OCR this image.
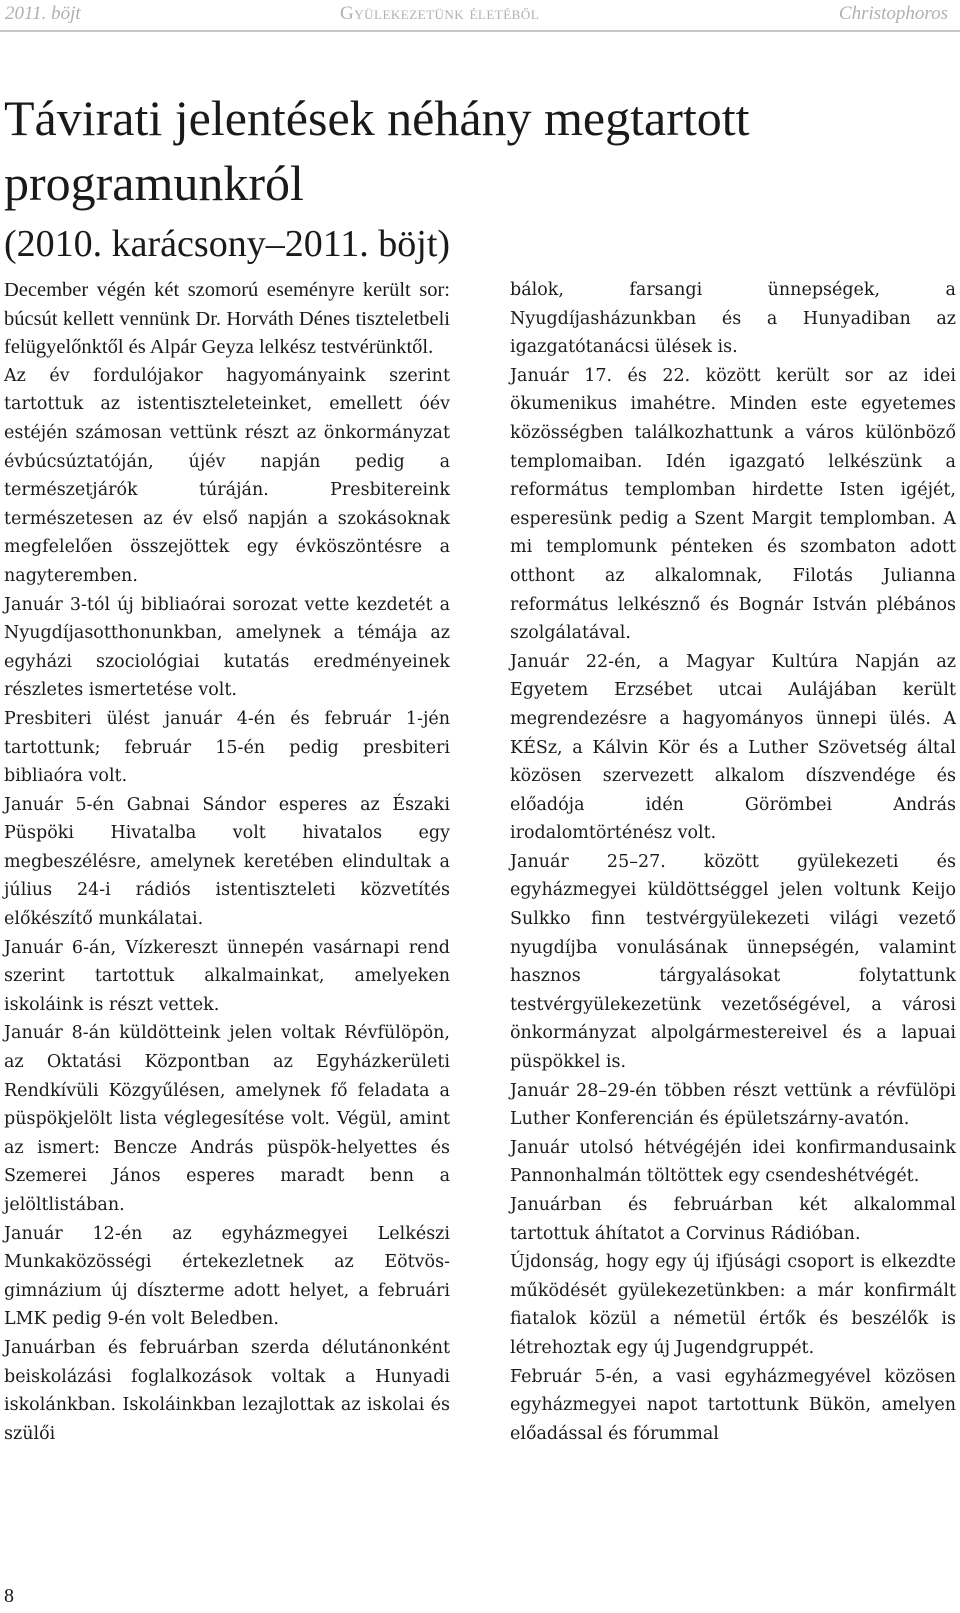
2011. böjt	Gyülekezetünk életéből	Christophoros
Távirati jelentések néhány megtartott programunkról
(2010. karácsony–2011. böjt)

December végén két szomorú eseményre került sor: búcsút kellett vennünk Dr. Horváth Dénes tiszteletbeli felügyelőnktől és Alpár Geyza lelkész testvérünktől.

Az év fordulójakor hagyományaink szerint tartottuk az istentiszteleteinket, emellett óév estéjén számosan vettünk részt az önkormányzat évbúcsúztatóján, újév napján pedig a természetjárók túráján. Presbitereink természetesen az év első napján a szokásoknak megfelelően összejöttek egy évköszöntésre a nagyteremben.

Január 3-tól új bibliaórai sorozat vette kezdetét a Nyugdíjasotthonunkban, amelynek a témája az egyházi szociológiai kutatás eredményeinek részletes ismertetése volt.

Presbiteri ülést január 4-én és február 1-jén tartottunk; február 15-én pedig presbiteri bibliaóra volt.

Január 5-én Gabnai Sándor esperes az Északi Püspöki Hivatalba volt hivatalos egy megbeszélésre, amelynek keretében elindultak a július 24-i rádiós istentiszteleti közvetítés előkészítő munkálatai.

Január 6-án, Vízkereszt ünnepén vasárnapi rend szerint tartottuk alkalmainkat, amelyeken iskoláink is részt vettek.

Január 8-án küldötteink jelen voltak Révfülöpön, az Oktatási Központban az Egyházkerületi Rendkívüli Közgyűlésen, amelynek fő feladata a püspökjelölt lista véglegesítése volt. Végül, amint az ismert: Bencze András püspök-helyettes és Szemerei János esperes maradt benn a jelöltlistában.

Január 12-én az egyházmegyei Lelkészi Munkaközösségi értekezletnek az Eötvösgimnázium új díszterme adott helyet, a februári LMK pedig 9-én volt Beledben.

Januárban és februárban szerda délutánonként beiskolázási foglalkozások voltak a Hunyadi iskolánkban. Iskoláinkban lezajlottak az iskolai és szülői

bálok, farsangi ünnepségek, a Nyugdíjasházunkban és a Hunyadiban az igazgatótanácsi ülések is.

Január 17. és 22. között került sor az idei ökumenikus imahétre. Minden este egyetemes közösségben találkozhattunk a város különböző templomaiban. Idén igazgató lelkészünk a református templomban hirdette Isten igéjét, esperesünk pedig a Szent Margit templomban. A mi templomunk pénteken és szombaton adott otthont az alkalomnak, Filotás Julianna református lelkésznő és Bognár István plébános szolgálatával.

Január 22-én, a Magyar Kultúra Napján az Egyetem Erzsébet utcai Aulájában került megrendezésre a hagyományos ünnepi ülés. A KÉSz, a Kálvin Kör és a Luther Szövetség által közösen szervezett alkalom díszvendége és előadója idén Görömbei András irodalomtörténész volt.

Január 25–27. között gyülekezeti és egyházmegyei küldöttséggel jelen voltunk Keijo Sulkko finn testvérgyülekezeti világi vezető nyugdíjba vonulásának ünnepségén, valamint hasznos tárgyalásokat folytattunk testvérgyülekezetünk vezetőségével, a városi önkormányzat alpolgármestereivel és a lapuai püspökkel is.

Január 28–29-én többen részt vettünk a révfülöpi Luther Konferencián és épületszárny-avatón.

Január utolsó hétvégéjén idei konfirmandusaink Pannonhalmán töltöttek egy csendeshétvégét.

Januárban és februárban két alkalommal tartottuk áhítatot a Corvinus Rádióban.

Újdonság, hogy egy új ifjúsági csoport is elkezdte működését gyülekezetünkben: a már konfirmált fiatalok közül a németül értők és beszélők is létrehoztak egy új Jugendgruppét.

Február 5-én, a vasi egyházmegyével közösen egyházmegyei napot tartottunk Bükön, amelyen előadással és fórummal

8
